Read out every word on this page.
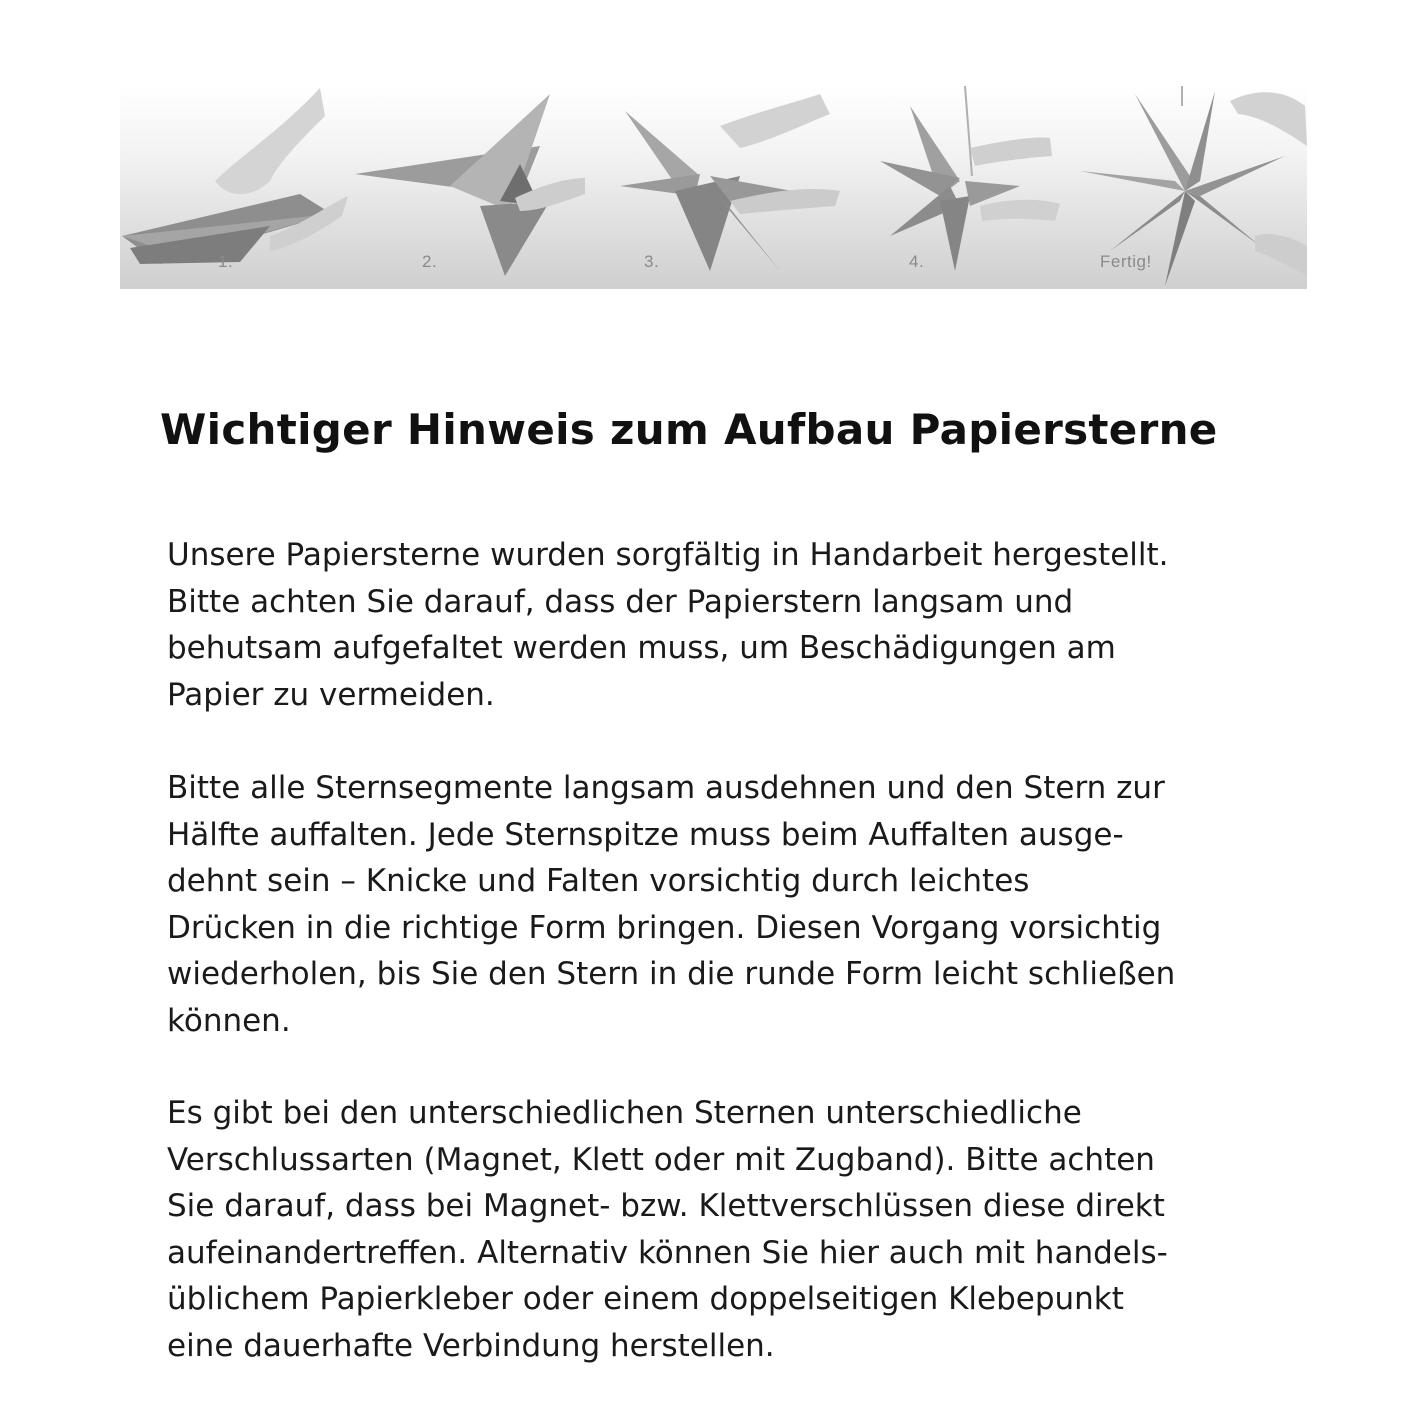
1.	2.	3.	4.	Fertig!
Wichtiger Hinweis zum Aufbau Papiersterne
Unsere Papiersterne wurden sorgfältig in Handarbeit hergestellt.
Bitte achten Sie darauf, dass der Papierstern langsam und
behutsam aufgefaltet werden muss, um Beschädigungen am
Papier zu vermeiden.
Bitte alle Sternsegmente langsam ausdehnen und den Stern zur
Hälfte auffalten. Jede Sternspitze muss beim Auffalten ausge-
dehnt sein – Knicke und Falten vorsichtig durch leichtes
Drücken in die richtige Form bringen. Diesen Vorgang vorsichtig
wiederholen, bis Sie den Stern in die runde Form leicht schließen
können.
Es gibt bei den unterschiedlichen Sternen unterschiedliche
Verschlussarten (Magnet, Klett oder mit Zugband). Bitte achten
Sie darauf, dass bei Magnet- bzw. Klettverschlüssen diese direkt
aufeinandertreffen. Alternativ können Sie hier auch mit handels-
üblichem Papierkleber oder einem doppelseitigen Klebepunkt
eine dauerhafte Verbindung herstellen.
